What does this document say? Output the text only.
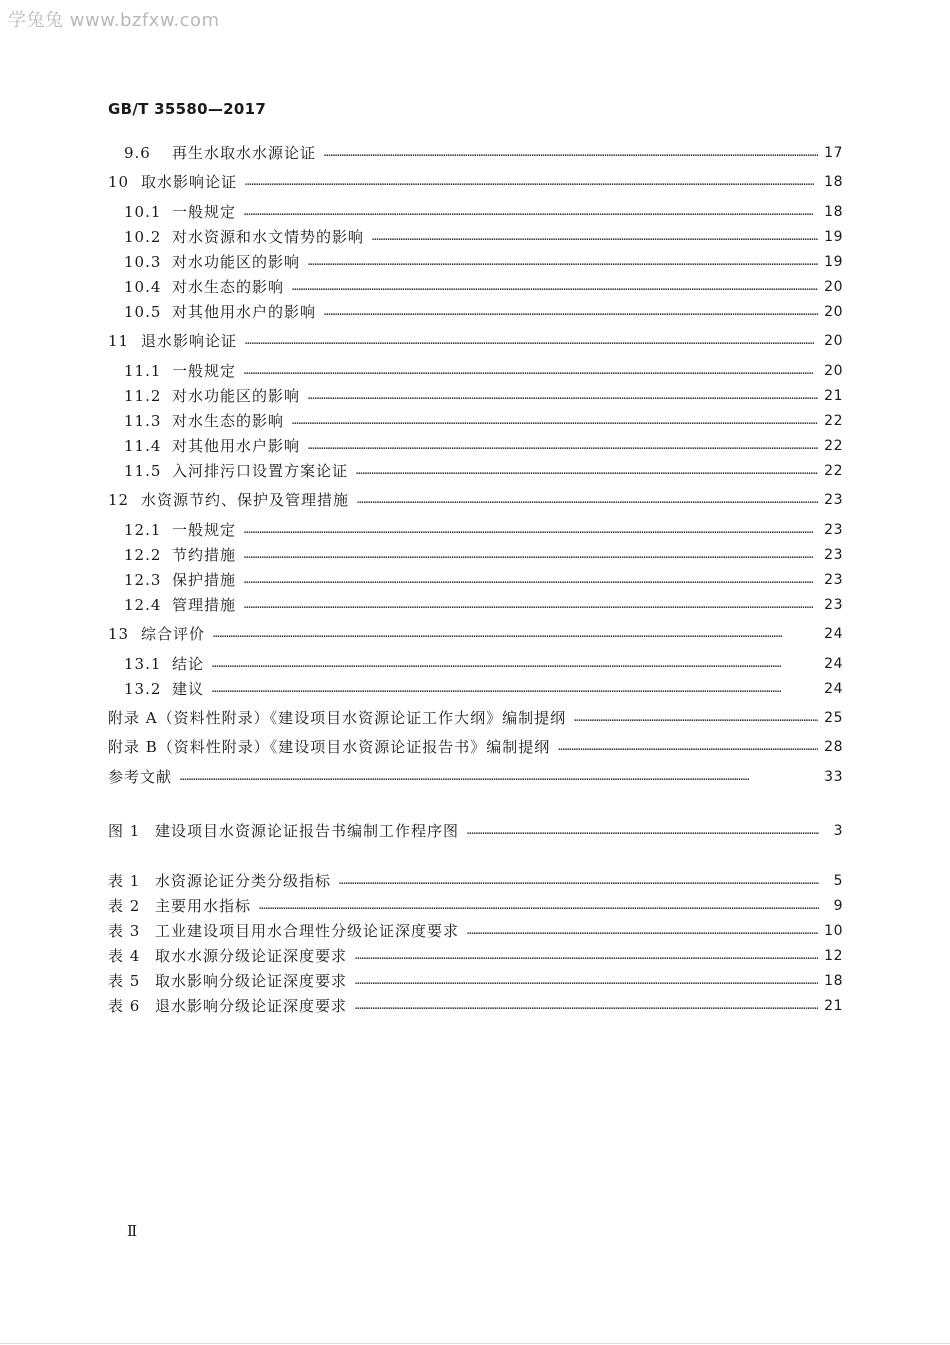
学兔兔 www.bzfxw.com
GB/T 35580—2017
9.6	再生水取水水源论证 ……………………………………………………………………………………………………………………………………………………………………………………………………………………………………	17
10 取水影响论证 ……………………………………………………………………………………………………………………………………………………………………………………………………………………………………	18
10.1 一般规定 ……………………………………………………………………………………………………………………………………………………………………………………………………………………………………	18
10.2 对水资源和水文情势的影响 ……………………………………………………………………………………………………………………………………………………………………………………………………………………………………	19
10.3 对水功能区的影响 ……………………………………………………………………………………………………………………………………………………………………………………………………………………………………	19
10.4 对水生态的影响 ……………………………………………………………………………………………………………………………………………………………………………………………………………………………………	20
10.5 对其他用水户的影响 ……………………………………………………………………………………………………………………………………………………………………………………………………………………………………	20
11 退水影响论证 ……………………………………………………………………………………………………………………………………………………………………………………………………………………………………	20
11.1 一般规定 ……………………………………………………………………………………………………………………………………………………………………………………………………………………………………	20
11.2 对水功能区的影响 ……………………………………………………………………………………………………………………………………………………………………………………………………………………………………	21
11.3 对水生态的影响 ……………………………………………………………………………………………………………………………………………………………………………………………………………………………………	22
11.4 对其他用水户影响 ……………………………………………………………………………………………………………………………………………………………………………………………………………………………………	22
11.5 入河排污口设置方案论证 ……………………………………………………………………………………………………………………………………………………………………………………………………………………………………	22
12 水资源节约、保护及管理措施 ……………………………………………………………………………………………………………………………………………………………………………………………………………………………………	23
12.1 一般规定 ……………………………………………………………………………………………………………………………………………………………………………………………………………………………………	23
12.2 节约措施 ……………………………………………………………………………………………………………………………………………………………………………………………………………………………………	23
12.3 保护措施 ……………………………………………………………………………………………………………………………………………………………………………………………………………………………………	23
12.4 管理措施 ……………………………………………………………………………………………………………………………………………………………………………………………………………………………………	23
13 综合评价 ……………………………………………………………………………………………………………………………………………………………………………………………………………………………………	24
13.1 结论 ……………………………………………………………………………………………………………………………………………………………………………………………………………………………………	24
13.2 建议 ……………………………………………………………………………………………………………………………………………………………………………………………………………………………………	24
附录 A（资料性附录）《建设项目水资源论证工作大纲》编制提纲 ……………………………………………………………………………………………………………………………………………………………………………………………………………………………………	25
附录 B（资料性附录）《建设项目水资源论证报告书》编制提纲 ……………………………………………………………………………………………………………………………………………………………………………………………………………………………………	28
参考文献 ……………………………………………………………………………………………………………………………………………………………………………………………………………………………………	33
图 1 建设项目水资源论证报告书编制工作程序图 ……………………………………………………………………………………………………………………………………………………………………………………………………………………………………	3
表 1 水资源论证分类分级指标 ……………………………………………………………………………………………………………………………………………………………………………………………………………………………………	5
表 2 主要用水指标 ……………………………………………………………………………………………………………………………………………………………………………………………………………………………………	9
表 3 工业建设项目用水合理性分级论证深度要求 ……………………………………………………………………………………………………………………………………………………………………………………………………………………………………	10
表 4 取水水源分级论证深度要求 ……………………………………………………………………………………………………………………………………………………………………………………………………………………………………	12
表 5 取水影响分级论证深度要求 ……………………………………………………………………………………………………………………………………………………………………………………………………………………………………	18
表 6 退水影响分级论证深度要求 ……………………………………………………………………………………………………………………………………………………………………………………………………………………………………	21
Ⅱ
